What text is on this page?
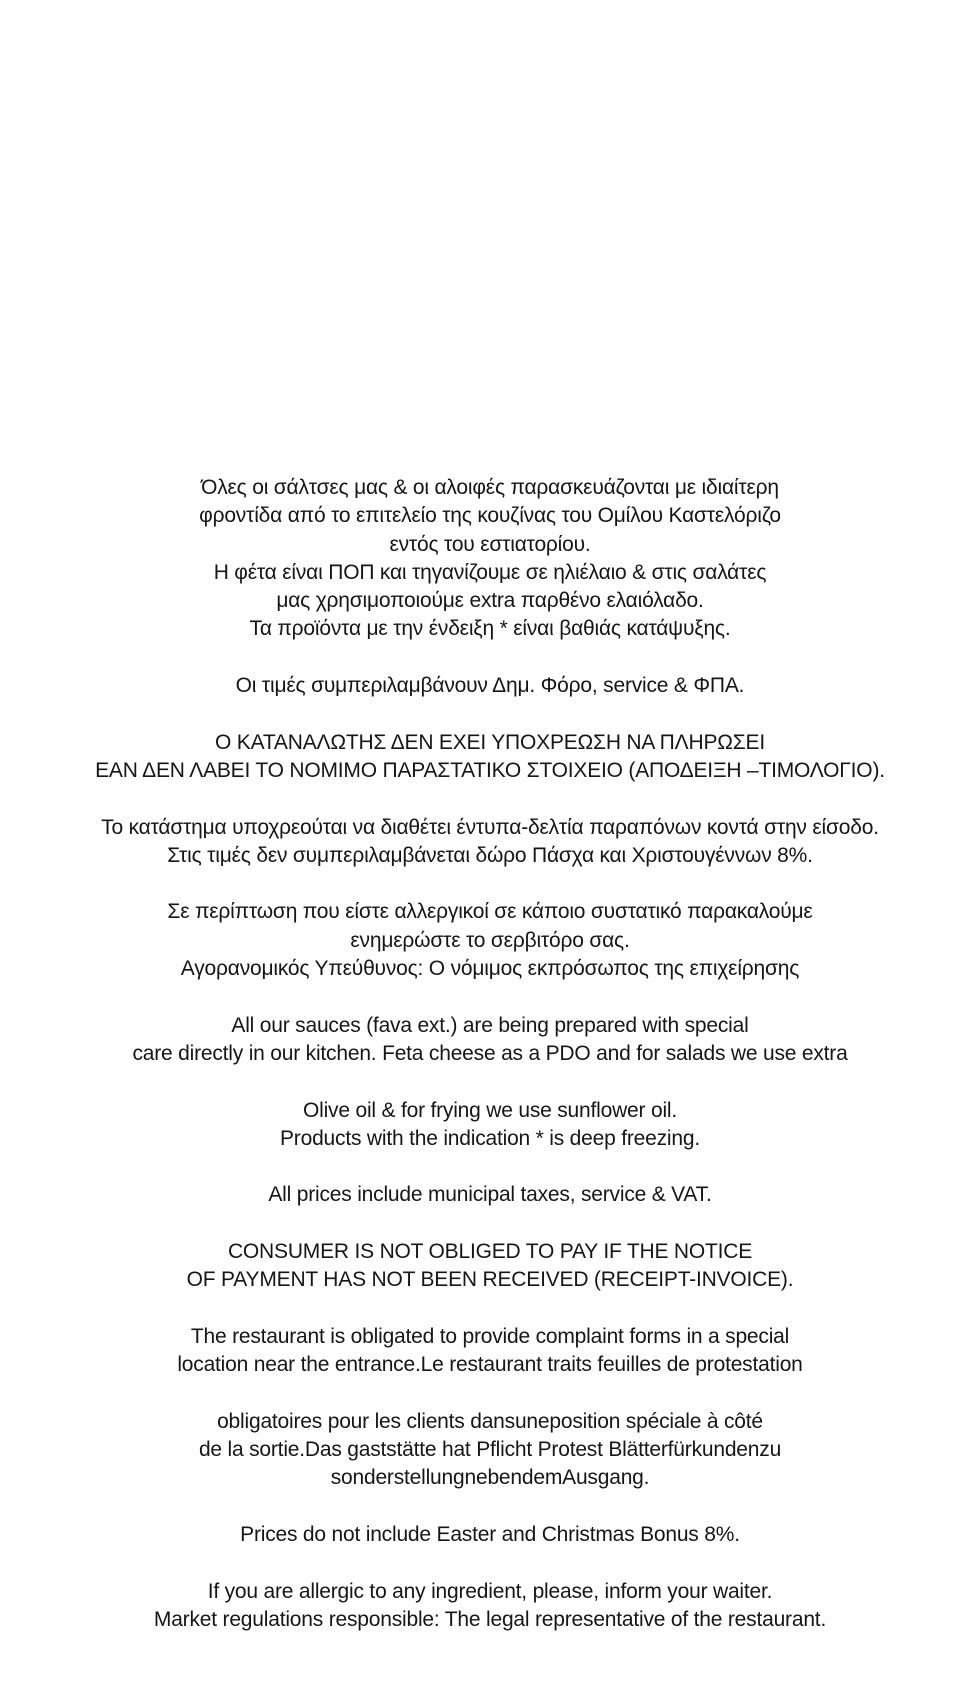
Όλες οι σάλτσες μας & οι αλοιφές παρασκευάζονται με ιδιαίτερη
φροντίδα από το επιτελείο της κουζίνας του Ομίλου Καστελόριζο
εντός του εστιατορίου.
Η φέτα είναι ΠΟΠ και τηγανίζουμε σε ηλιέλαιο & στις σαλάτες
μας χρησιμοποιούμε extra παρθένο ελαιόλαδο.
Τα προϊόντα με την ένδειξη * είναι βαθιάς κατάψυξης.

Οι τιμές συμπεριλαμβάνουν Δημ. Φόρο, service & ΦΠΑ.

Ο ΚΑΤΑΝΑΛΩΤΗΣ ΔΕΝ ΕΧΕΙ ΥΠΟΧΡΕΩΣΗ ΝΑ ΠΛΗΡΩΣΕΙ
ΕΑΝ ΔΕΝ ΛΑΒΕΙ ΤΟ ΝΟΜΙΜΟ ΠΑΡΑΣΤΑΤΙΚΟ ΣΤΟΙΧΕΙΟ (ΑΠΟΔΕΙΞΗ –ΤΙΜΟΛΟΓΙΟ).

Το κατάστημα υποχρεούται να διαθέτει έντυπα-δελτία παραπόνων κοντά στην είσοδο.
Στις τιμές δεν συμπεριλαμβάνεται δώρο Πάσχα και Χριστουγέννων 8%.

Σε περίπτωση που είστε αλλεργικοί σε κάποιο συστατικό παρακαλούμε
ενημερώστε το σερβιτόρο σας.
Αγορανομικός Υπεύθυνος: Ο νόμιμος εκπρόσωπος της επιχείρησης

All our sauces (fava ext.) are being prepared with special
care directly in our kitchen. Feta cheese as a PDO and for salads we use extra

Olive oil & for frying we use sunflower oil.
Products with the indication * is deep freezing.

All prices include municipal taxes, service & VAT.

CONSUMER IS NOT OBLIGED TO PAY IF THE NOTICE
OF PAYMENT HAS NOT BEEN RECEIVED (RECEIPT-INVOICE).

The restaurant is obligated to provide complaint forms in a special
location near the entrance.Le restaurant traits feuilles de protestation

obligatoires pour les clients dansuneposition spéciale à côté
de la sortie.Das gaststätte hat Pflicht Protest Blätterfürkundenzu
sonderstellungnebendemAusgang.

Prices do not include Easter and Christmas Bonus 8%.

If you are allergic to any ingredient, please, inform your waiter.
Market regulations responsible: The legal representative of the restaurant.
